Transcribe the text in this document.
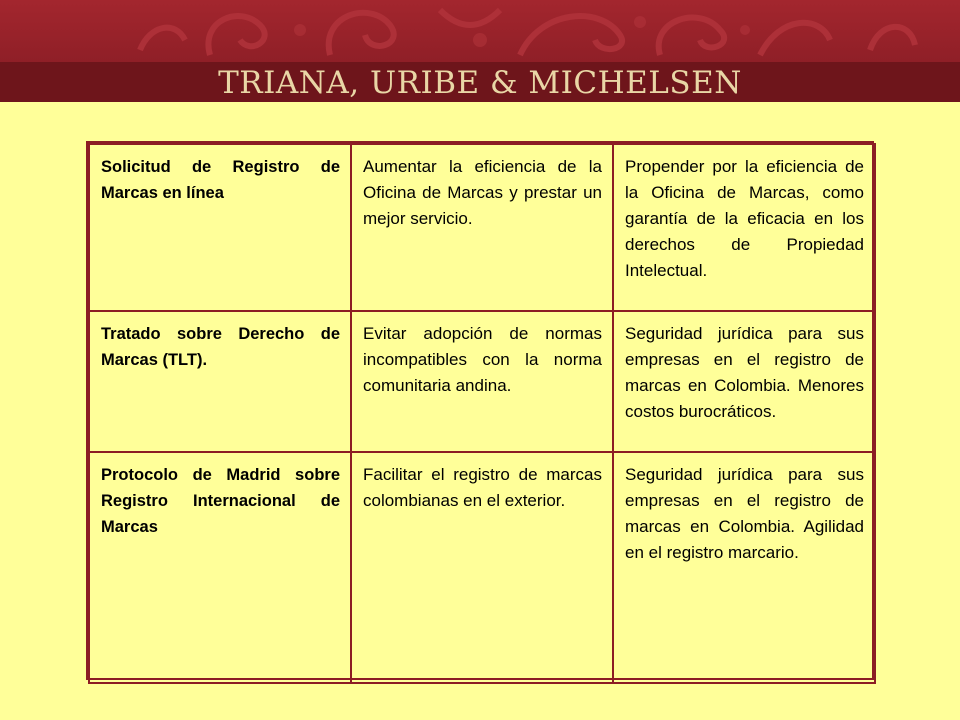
TRIANA, URIBE & MICHELSEN
Solicitud de Registro de Marcas en línea	Aumentar la eficiencia de la Oficina de Marcas y prestar un mejor servicio.	Propender por la eficiencia de la Oficina de Marcas, como garantía de la eficacia en los derechos de Propiedad Intelectual.
Tratado sobre Derecho de Marcas (TLT).	Evitar adopción de normas incompatibles con la norma comunitaria andina.	Seguridad jurídica para sus empresas en el registro de marcas en Colombia. Menores costos burocráticos.
Protocolo de Madrid sobre Registro Internacional de Marcas	Facilitar el registro de marcas colombianas en el exterior.	Seguridad jurídica para sus empresas en el registro de marcas en Colombia. Agilidad en el registro marcario.
